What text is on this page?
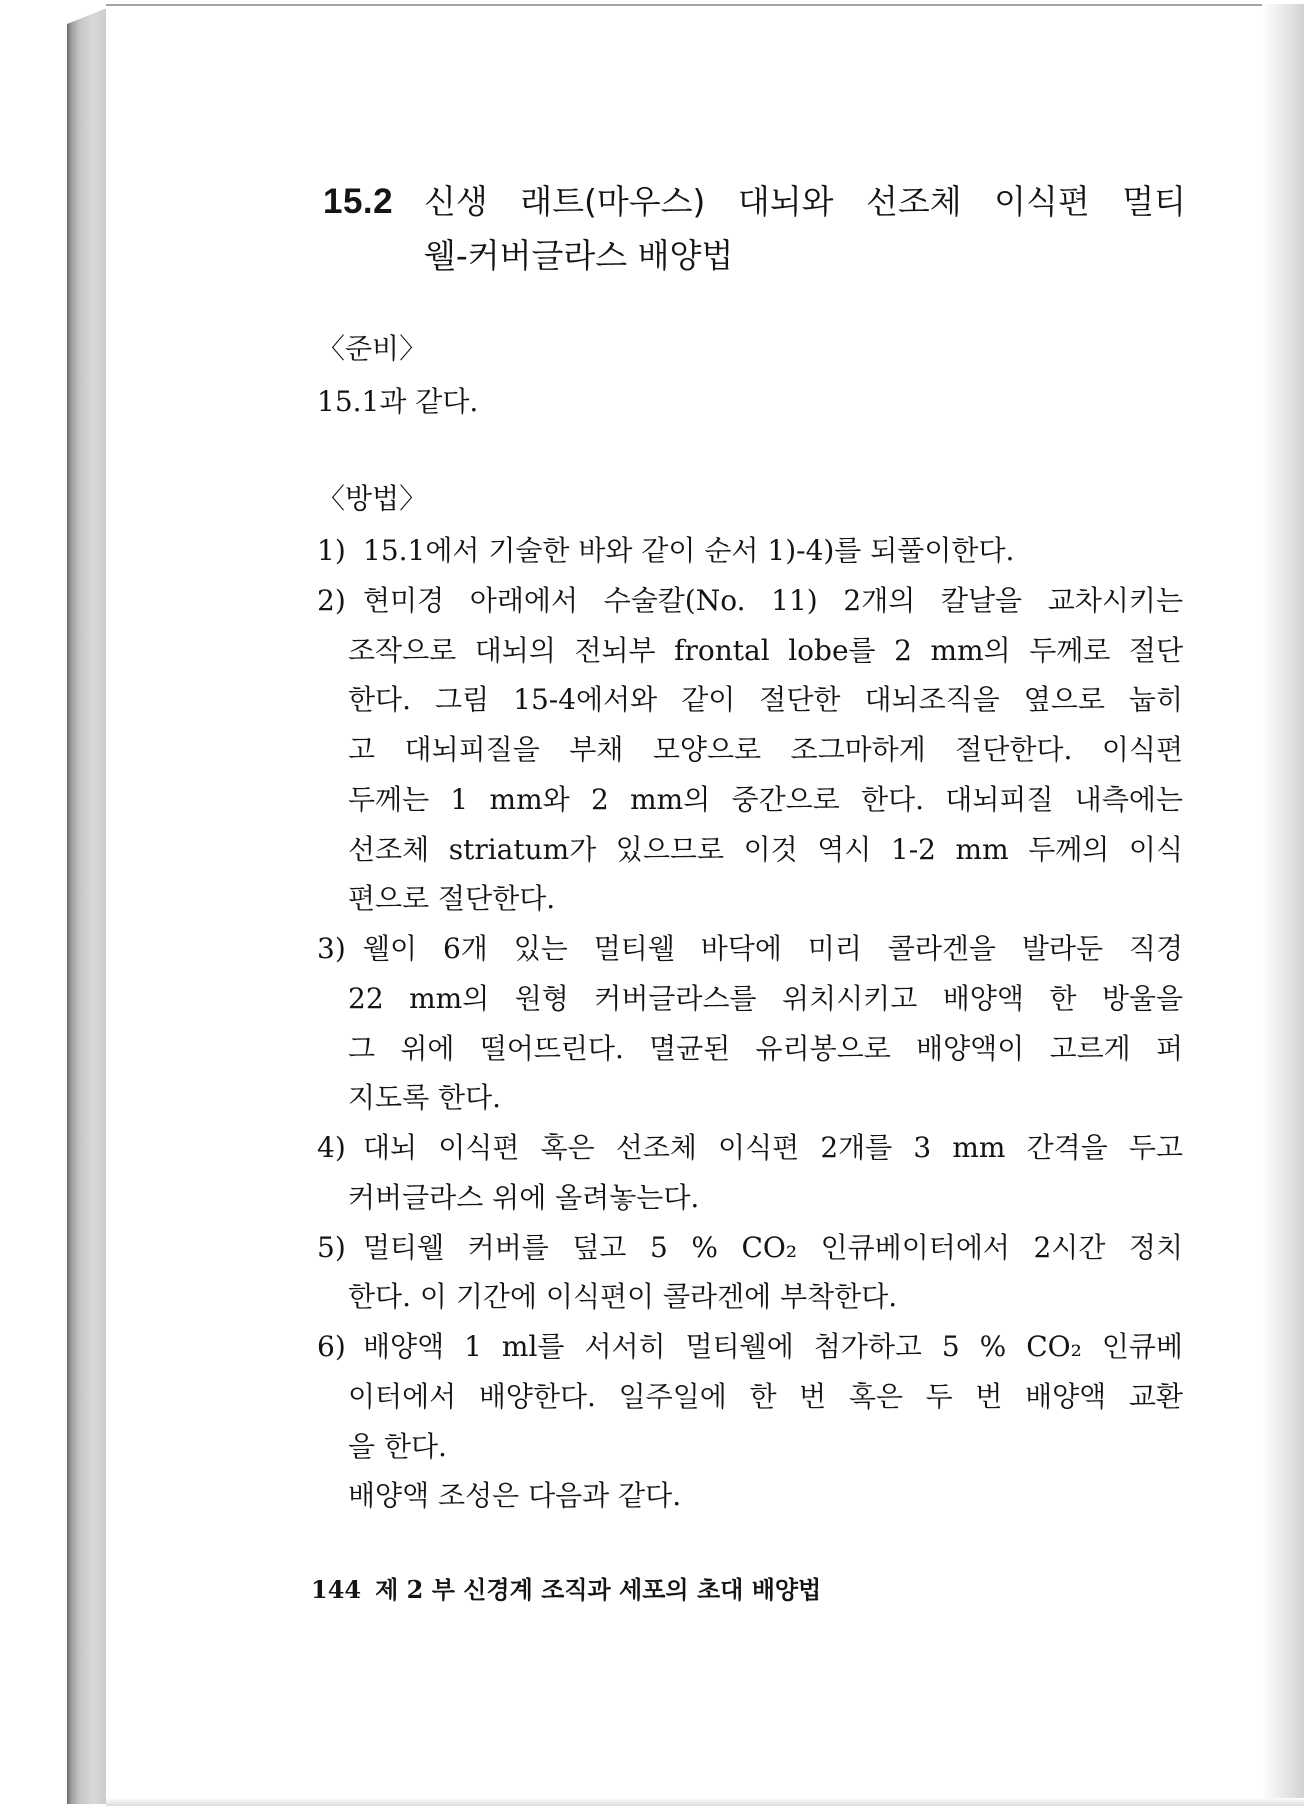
15.2 신생 래트(마우스) 대뇌와 선조체 이식편 멀티
웰-커버글라스 배양법
〈준비〉
15.1과 같다.
〈방법〉
1) 15.1에서 기술한 바와 같이 순서 1)-4)를 되풀이한다.
2) 현미경 아래에서 수술칼(No. 11) 2개의 칼날을 교차시키는
조작으로 대뇌의 전뇌부 frontal lobe를 2 mm의 두께로 절단
한다. 그림 15-4에서와 같이 절단한 대뇌조직을 옆으로 눕히
고 대뇌피질을 부채 모양으로 조그마하게 절단한다. 이식편
두께는 1 mm와 2 mm의 중간으로 한다. 대뇌피질 내측에는
선조체 striatum가 있으므로 이것 역시 1-2 mm 두께의 이식
편으로 절단한다.
3) 웰이 6개 있는 멀티웰 바닥에 미리 콜라겐을 발라둔 직경
22 mm의 원형 커버글라스를 위치시키고 배양액 한 방울을
그 위에 떨어뜨린다. 멸균된 유리봉으로 배양액이 고르게 퍼
지도록 한다.
4) 대뇌 이식편 혹은 선조체 이식편 2개를 3 mm 간격을 두고
커버글라스 위에 올려놓는다.
5) 멀티웰 커버를 덮고 5 % CO₂ 인큐베이터에서 2시간 정치
한다. 이 기간에 이식편이 콜라겐에 부착한다.
6) 배양액 1 ml를 서서히 멀티웰에 첨가하고 5 % CO₂ 인큐베
이터에서 배양한다. 일주일에 한 번 혹은 두 번 배양액 교환
을 한다.
배양액 조성은 다음과 같다.
144 제 2 부 신경계 조직과 세포의 초대 배양법
